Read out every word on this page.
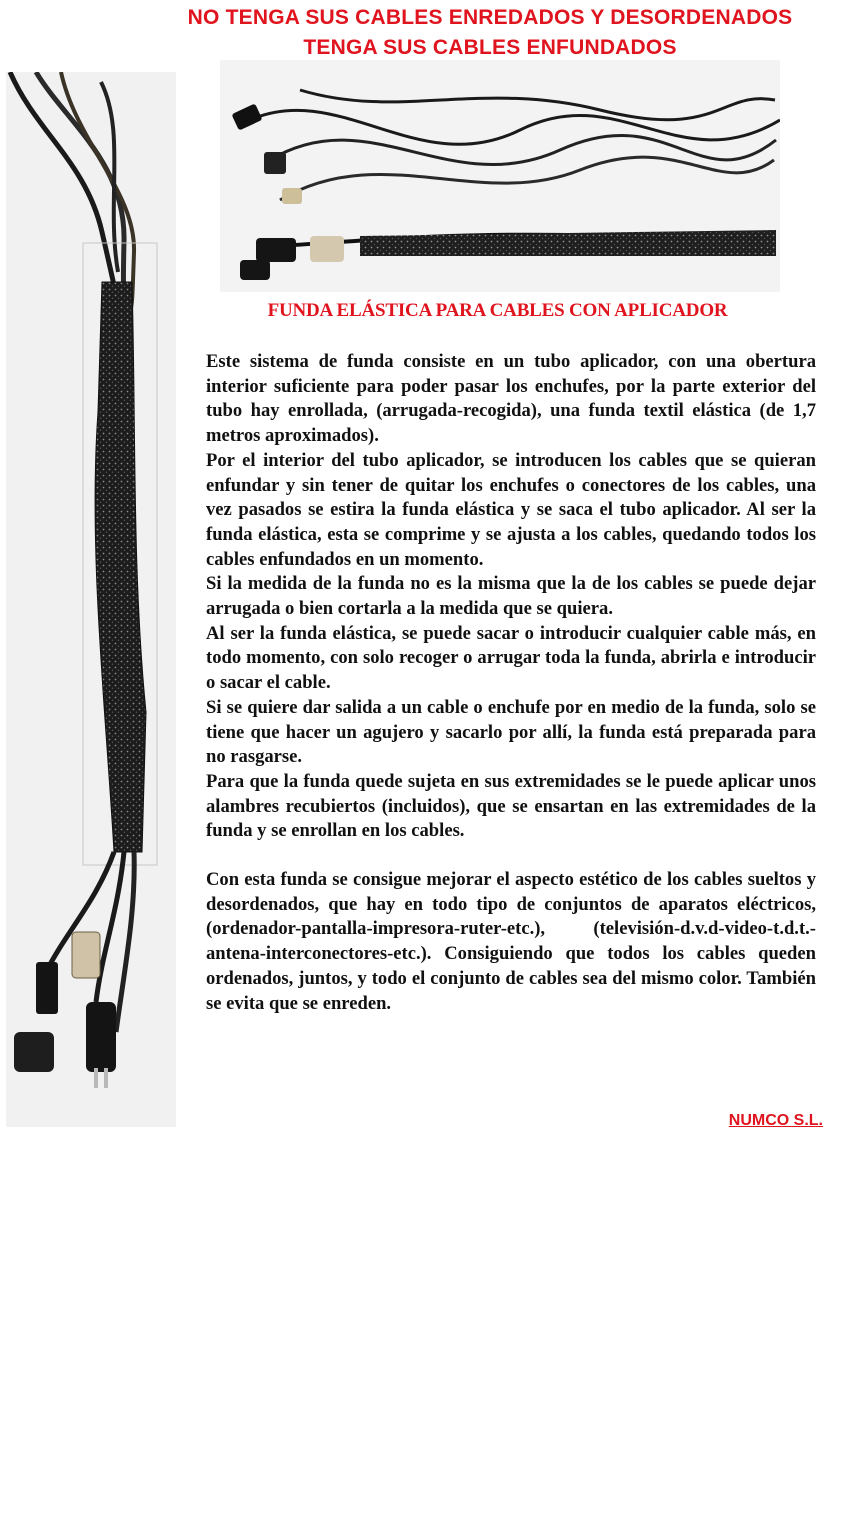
NO TENGA SUS CABLES ENREDADOS Y DESORDENADOS
TENGA SUS CABLES ENFUNDADOS
FUNDA ELÁSTICA PARA CABLES CON APLICADOR

Este sistema de funda consiste en un tubo aplicador, con una obertura interior suficiente para poder pasar los enchufes, por la parte exterior del tubo hay enrollada, (arrugada-recogida), una funda textil elástica (de 1,7 metros aproximados).

Por el interior del tubo aplicador, se introducen los cables que se quieran enfundar y sin tener de quitar los enchufes o conectores de los cables, una vez pasados se estira la funda elástica y se saca el tubo aplicador. Al ser la funda elástica, esta se comprime y se ajusta a los cables, quedando todos los cables enfundados en un momento.

Si la medida de la funda no es la misma que la de los cables se puede dejar arrugada o bien cortarla a la medida que se quiera.

Al ser la funda elástica, se puede sacar o introducir cualquier cable más, en todo momento, con solo recoger o arrugar toda la funda, abrirla e introducir o sacar el cable.

Si se quiere dar salida a un cable o enchufe por en medio de la funda, solo se tiene que hacer un agujero y sacarlo por allí, la funda está preparada para no rasgarse.

Para que la funda quede sujeta en sus extremidades se le puede aplicar unos alambres recubiertos (incluidos), que se ensartan en las extremidades de la funda y se enrollan en los cables.

Con esta funda se consigue mejorar el aspecto estético de los cables sueltos y desordenados, que hay en todo tipo de conjuntos de aparatos eléctricos, (ordenador-pantalla-impresora-ruter-etc.), (televisión-d.v.d-video-t.d.t.-antena-interconectores-etc.). Consiguiendo que todos los cables queden ordenados, juntos, y todo el conjunto de cables sea del mismo color. También se evita que se enreden.

NUMCO S.L.
